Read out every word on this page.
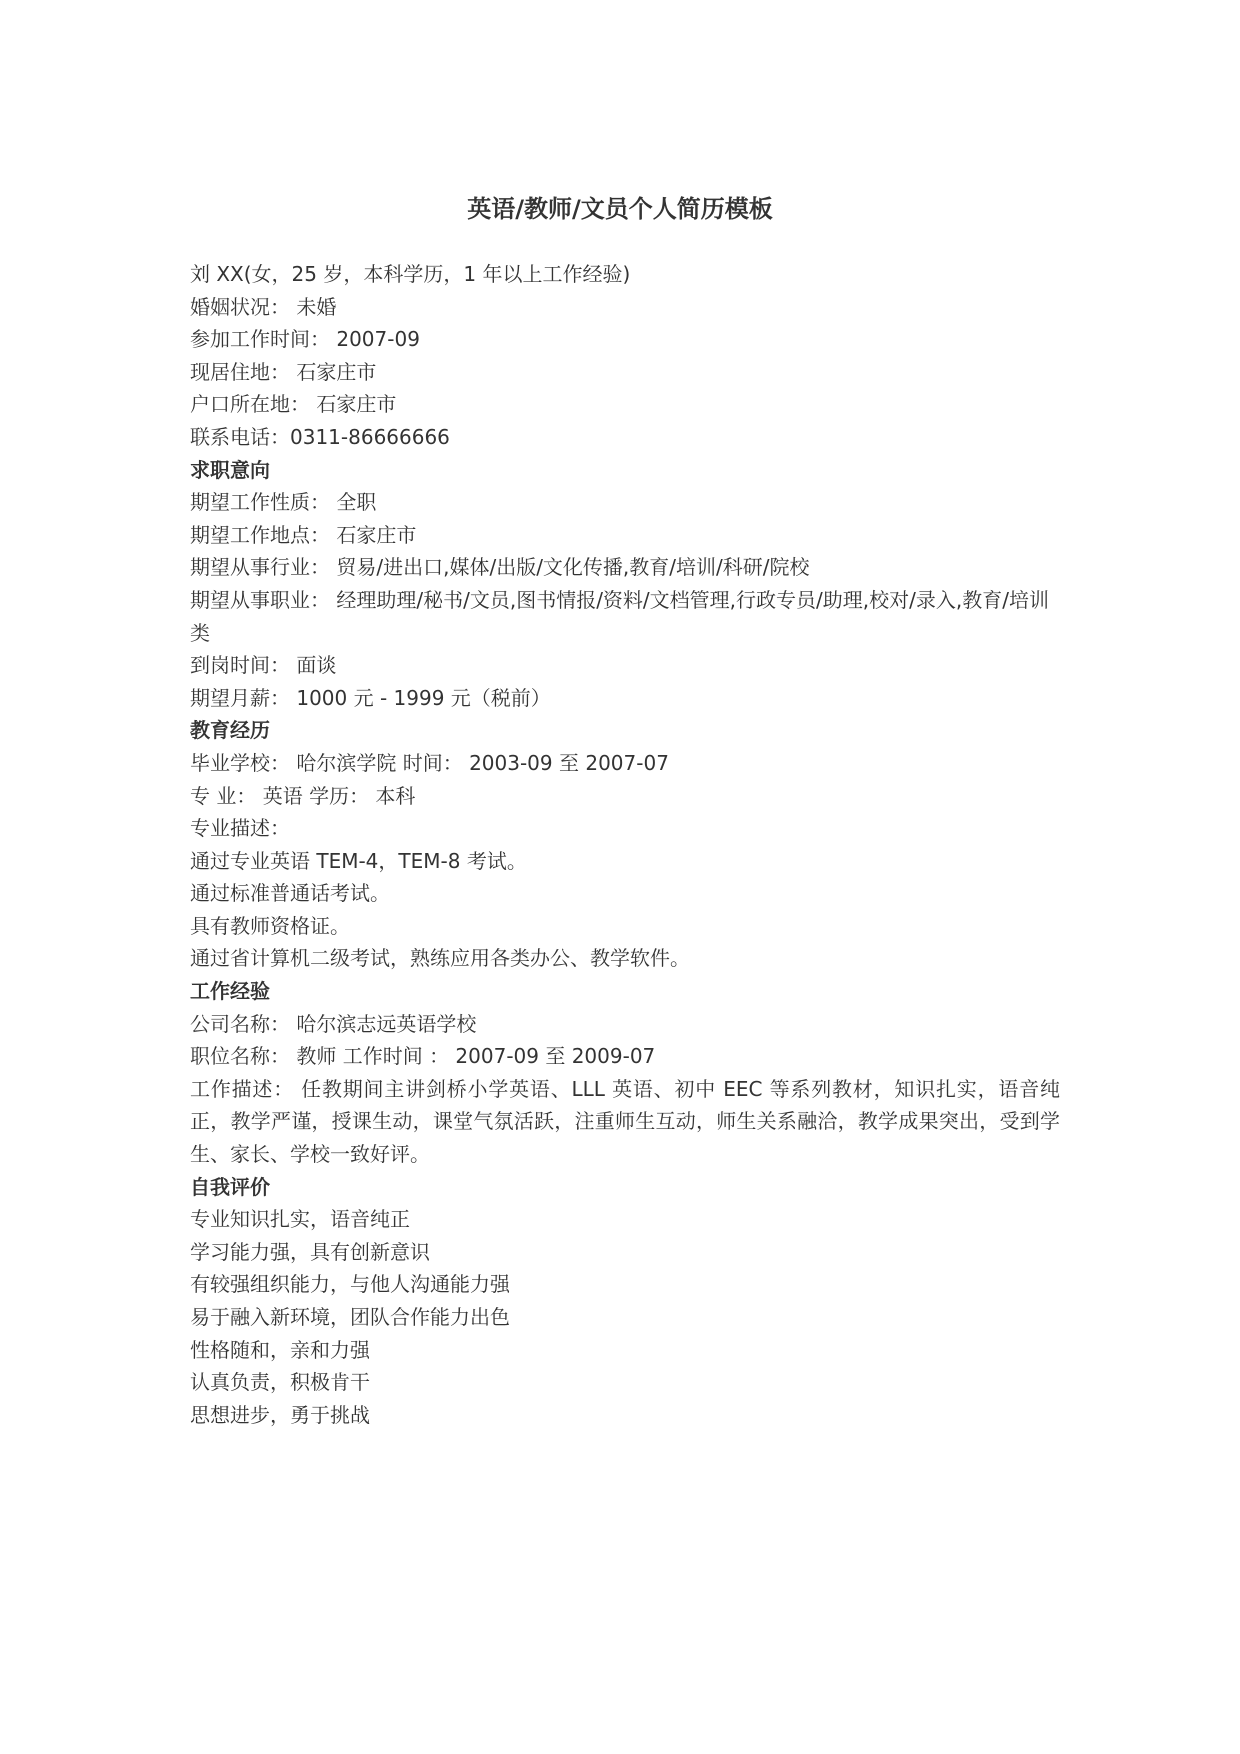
英语/教师/文员个人简历模板
刘 XX(女，25 岁，本科学历，1 年以上工作经验)
婚姻状况： 未婚
参加工作时间： 2007-09
现居住地： 石家庄市
户口所在地： 石家庄市
联系电话：0311-86666666
求职意向
期望工作性质： 全职
期望工作地点： 石家庄市
期望从事行业： 贸易/进出口,媒体/出版/文化传播,教育/培训/科研/院校
期望从事职业： 经理助理/秘书/文员,图书情报/资料/文档管理,行政专员/助理,校对/录入,教育/培训类
到岗时间： 面谈
期望月薪： 1000 元 - 1999 元（税前）
教育经历
毕业学校： 哈尔滨学院 时间： 2003-09 至 2007-07
专 业： 英语 学历： 本科
专业描述：
通过专业英语 TEM-4，TEM-8 考试。
通过标准普通话考试。
具有教师资格证。
通过省计算机二级考试，熟练应用各类办公、教学软件。
工作经验
公司名称： 哈尔滨志远英语学校
职位名称： 教师 工作时间 ： 2007-09 至 2009-07
工作描述： 任教期间主讲剑桥小学英语、LLL 英语、初中 EEC 等系列教材，知识扎实，语音纯正，教学严谨，授课生动，课堂气氛活跃，注重师生互动，师生关系融洽，教学成果突出，受到学生、家长、学校一致好评。
自我评价
专业知识扎实，语音纯正
学习能力强，具有创新意识
有较强组织能力，与他人沟通能力强
易于融入新环境，团队合作能力出色
性格随和，亲和力强
认真负责，积极肯干
思想进步，勇于挑战
